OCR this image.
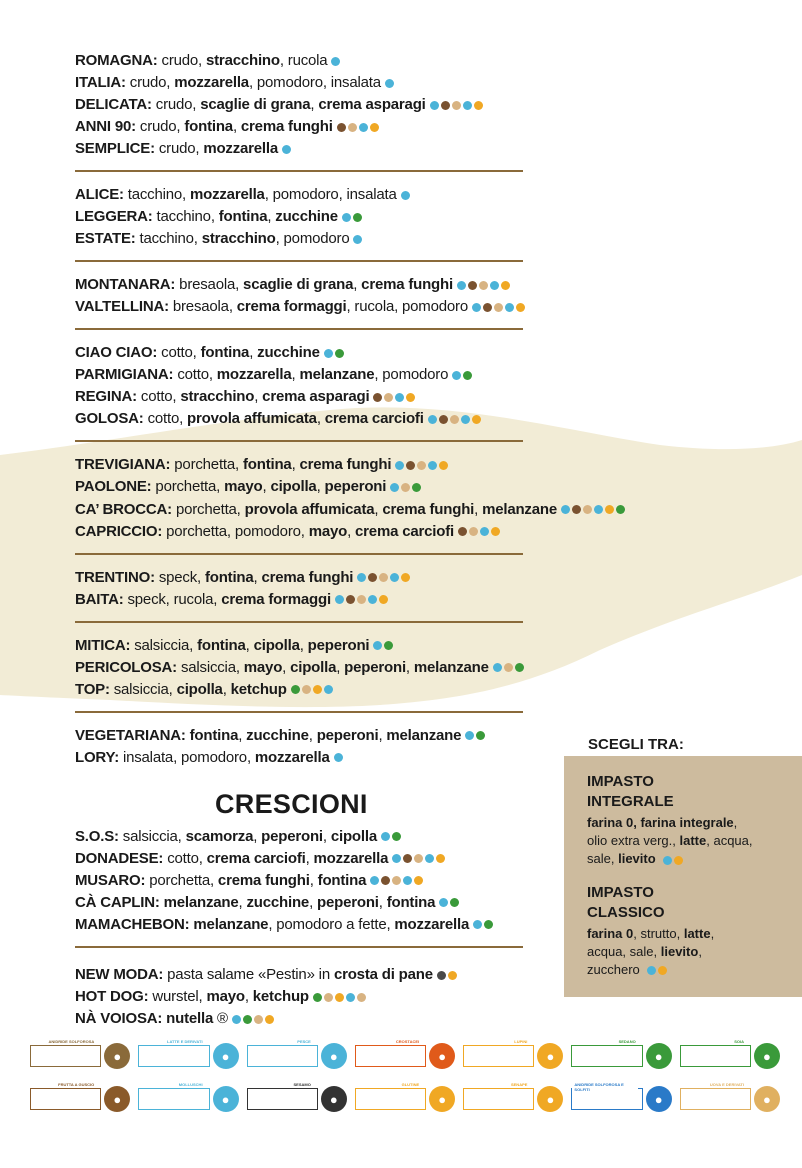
ROMAGNA: crudo, stracchino, rucola
ITALIA: crudo, mozzarella, pomodoro, insalata
DELICATA: crudo, scaglie di grana, crema asparagi
ANNI 90: crudo, fontina, crema funghi
SEMPLICE: crudo, mozzarella
ALICE: tacchino, mozzarella, pomodoro, insalata
LEGGERA: tacchino, fontina, zucchine
ESTATE: tacchino, stracchino, pomodoro
MONTANARA: bresaola, scaglie di grana, crema funghi
VALTELLINA: bresaola, crema formaggi, rucola, pomodoro
CIAO CIAO: cotto, fontina, zucchine
PARMIGIANA: cotto, mozzarella, melanzane, pomodoro
REGINA: cotto, stracchino, crema asparagi
GOLOSA: cotto, provola affumicata, crema carciofi
TREVIGIANA: porchetta, fontina, crema funghi
PAOLONE: porchetta, mayo, cipolla, peperoni
CA’ BROCCA: porchetta, provola affumicata, crema funghi, melanzane
CAPRICCIO: porchetta, pomodoro, mayo, crema carciofi
TRENTINO: speck, fontina, crema funghi
BAITA: speck, rucola, crema formaggi
MITICA: salsiccia, fontina, cipolla, peperoni
PERICOLOSA: salsiccia, mayo, cipolla, peperoni, melanzane
TOP: salsiccia, cipolla, ketchup
VEGETARIANA: fontina, zucchine, peperoni, melanzane
LORY: insalata, pomodoro, mozzarella
CRESCIONI
S.O.S: salsiccia, scamorza, peperoni, cipolla
DONADESE: cotto, crema carciofi, mozzarella
MUSARO: porchetta, crema funghi, fontina
CÀ CAPLIN: melanzane, zucchine, peperoni, fontina
MAMACHEBON: melanzane, pomodoro a fette, mozzarella
NEW MODA: pasta salame «Pestin» in crosta di pane
HOT DOG: wurstel, mayo, ketchup
NÀ VOIOSA: nutella ®
SCEGLI TRA:
IMPASTO
INTEGRALE

farina 0, farina integrale,
olio extra verg., latte, acqua,
sale, lievito

IMPASTO
CLASSICO

farina 0, strutto, latte,
acqua, sale, lievito,
zucchero

ANIDRIDE SOLFOROSA
●
LATTE E DERIVATI
●
PESCE
●
CROSTACEI
●
LUPINI
●
SEDANO
●
SOIA
●
FRUTTA A GUSCIO
●
MOLLUSCHI
●
SESAMO
●
GLUTINE
●
SENAPE
●
ANIDRIDE SOLFOROSA E SOLFITI
●
UOVA E DERIVATI
●
